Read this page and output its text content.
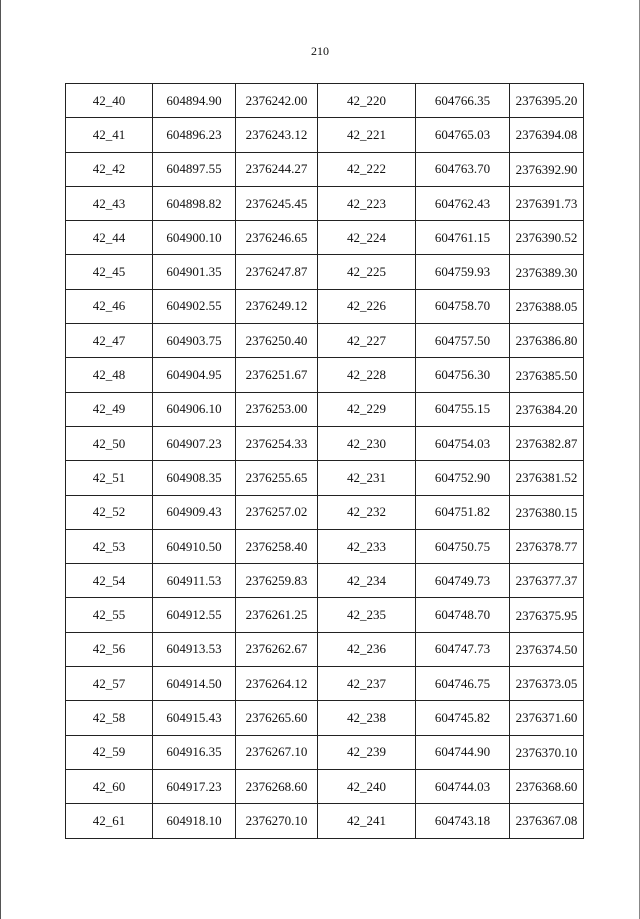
210
42_40	604894.90	2376242.00	42_220	604766.35	2376395.20
42_41	604896.23	2376243.12	42_221	604765.03	2376394.08
42_42	604897.55	2376244.27	42_222	604763.70	2376392.90
42_43	604898.82	2376245.45	42_223	604762.43	2376391.73
42_44	604900.10	2376246.65	42_224	604761.15	2376390.52
42_45	604901.35	2376247.87	42_225	604759.93	2376389.30
42_46	604902.55	2376249.12	42_226	604758.70	2376388.05
42_47	604903.75	2376250.40	42_227	604757.50	2376386.80
42_48	604904.95	2376251.67	42_228	604756.30	2376385.50
42_49	604906.10	2376253.00	42_229	604755.15	2376384.20
42_50	604907.23	2376254.33	42_230	604754.03	2376382.87
42_51	604908.35	2376255.65	42_231	604752.90	2376381.52
42_52	604909.43	2376257.02	42_232	604751.82	2376380.15
42_53	604910.50	2376258.40	42_233	604750.75	2376378.77
42_54	604911.53	2376259.83	42_234	604749.73	2376377.37
42_55	604912.55	2376261.25	42_235	604748.70	2376375.95
42_56	604913.53	2376262.67	42_236	604747.73	2376374.50
42_57	604914.50	2376264.12	42_237	604746.75	2376373.05
42_58	604915.43	2376265.60	42_238	604745.82	2376371.60
42_59	604916.35	2376267.10	42_239	604744.90	2376370.10
42_60	604917.23	2376268.60	42_240	604744.03	2376368.60
42_61	604918.10	2376270.10	42_241	604743.18	2376367.08
